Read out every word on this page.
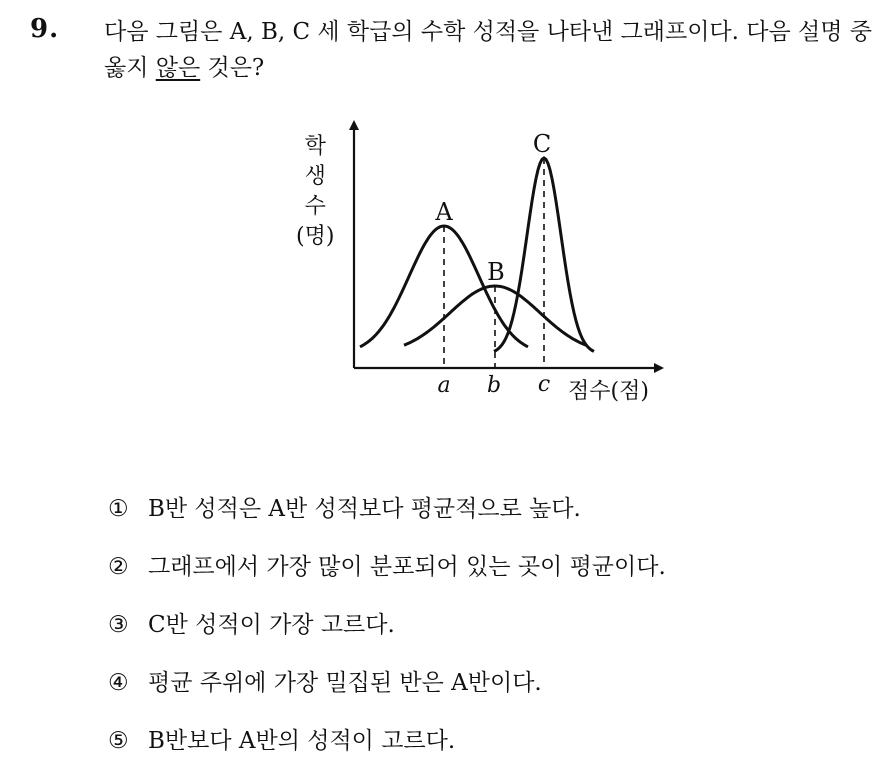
9. 다음 그림은 A, B, C 세 학급의 수학 성적을 나타낸 그래프이다. 다음 설명 중 옳지 않은 것은?
A
B
C
a b c
학
생
수
(명)
점수(점)
① B반 성적은 A반 성적보다 평균적으로 높다.
② 그래프에서 가장 많이 분포되어 있는 곳이 평균이다.
③ C반 성적이 가장 고르다.
④ 평균 주위에 가장 밀집된 반은 A반이다.
⑤ B반보다 A반의 성적이 고르다.
